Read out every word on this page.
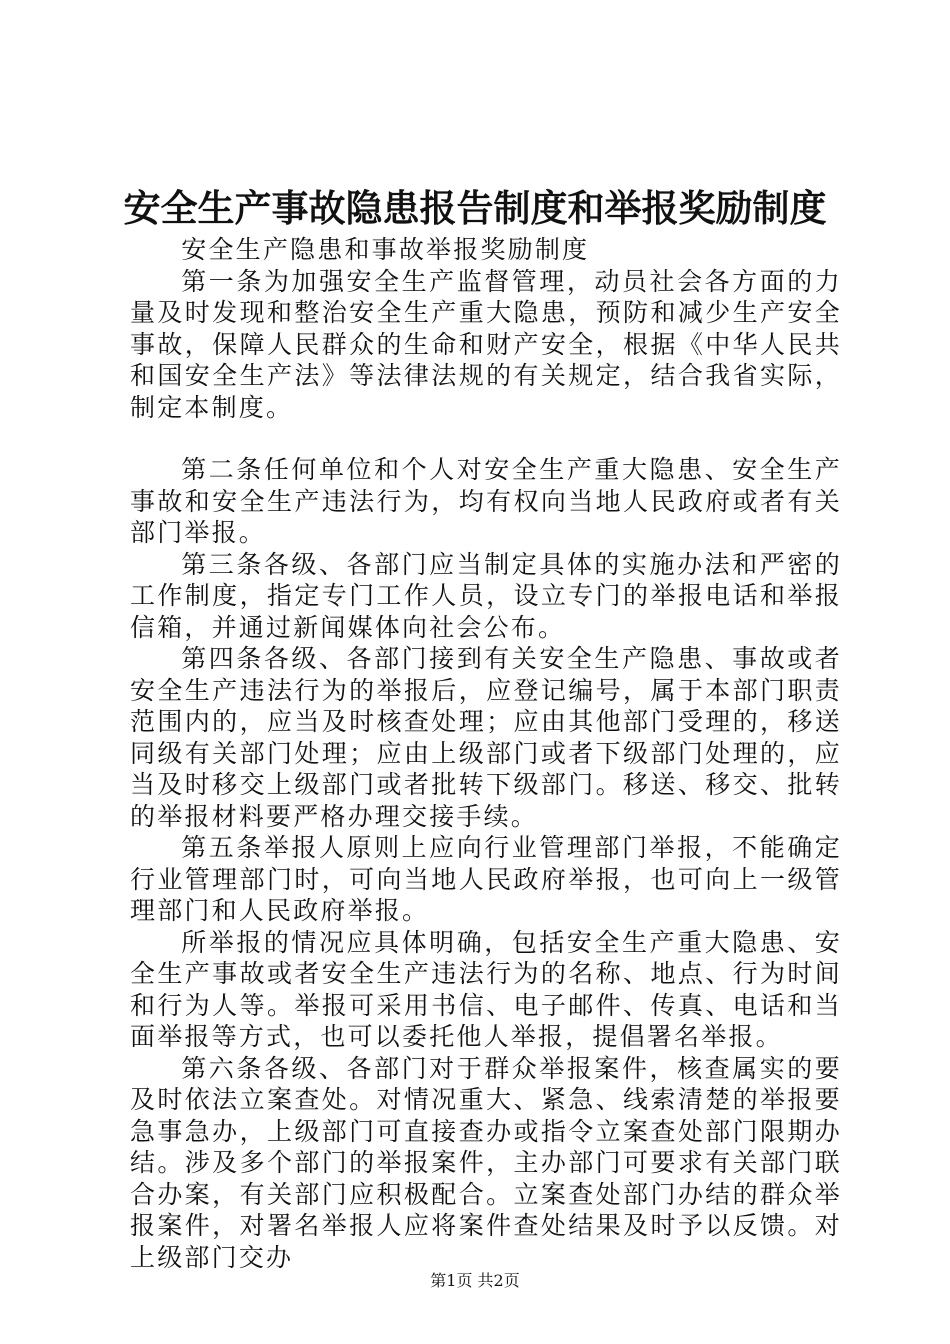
安全生产事故隐患报告制度和举报奖励制度

安全生产隐患和事故举报奖励制度

第一条为加强安全生产监督管理，动员社会各方面的力量及时发现和整治安全生产重大隐患，预防和减少生产安全事故，保障人民群众的生命和财产安全，根据《中华人民共和国安全生产法》等法律法规的有关规定，结合我省实际，制定本制度。

第二条任何单位和个人对安全生产重大隐患、安全生产事故和安全生产违法行为，均有权向当地人民政府或者有关部门举报。

第三条各级、各部门应当制定具体的实施办法和严密的工作制度，指定专门工作人员，设立专门的举报电话和举报信箱，并通过新闻媒体向社会公布。

第四条各级、各部门接到有关安全生产隐患、事故或者安全生产违法行为的举报后，应登记编号，属于本部门职责范围内的，应当及时核查处理；应由其他部门受理的，移送同级有关部门处理；应由上级部门或者下级部门处理的，应当及时移交上级部门或者批转下级部门。移送、移交、批转的举报材料要严格办理交接手续。

第五条举报人原则上应向行业管理部门举报，不能确定行业管理部门时，可向当地人民政府举报，也可向上一级管理部门和人民政府举报。

所举报的情况应具体明确，包括安全生产重大隐患、安全生产事故或者安全生产违法行为的名称、地点、行为时间和行为人等。举报可采用书信、电子邮件、传真、电话和当面举报等方式，也可以委托他人举报，提倡署名举报。

第六条各级、各部门对于群众举报案件，核查属实的要及时依法立案查处。对情况重大、紧急、线索清楚的举报要急事急办，上级部门可直接查办或指令立案查处部门限期办结。涉及多个部门的举报案件，主办部门可要求有关部门联合办案，有关部门应积极配合。立案查处部门办结的群众举报案件，对署名举报人应将案件查处结果及时予以反馈。对上级部门交办

第1页 共2页
